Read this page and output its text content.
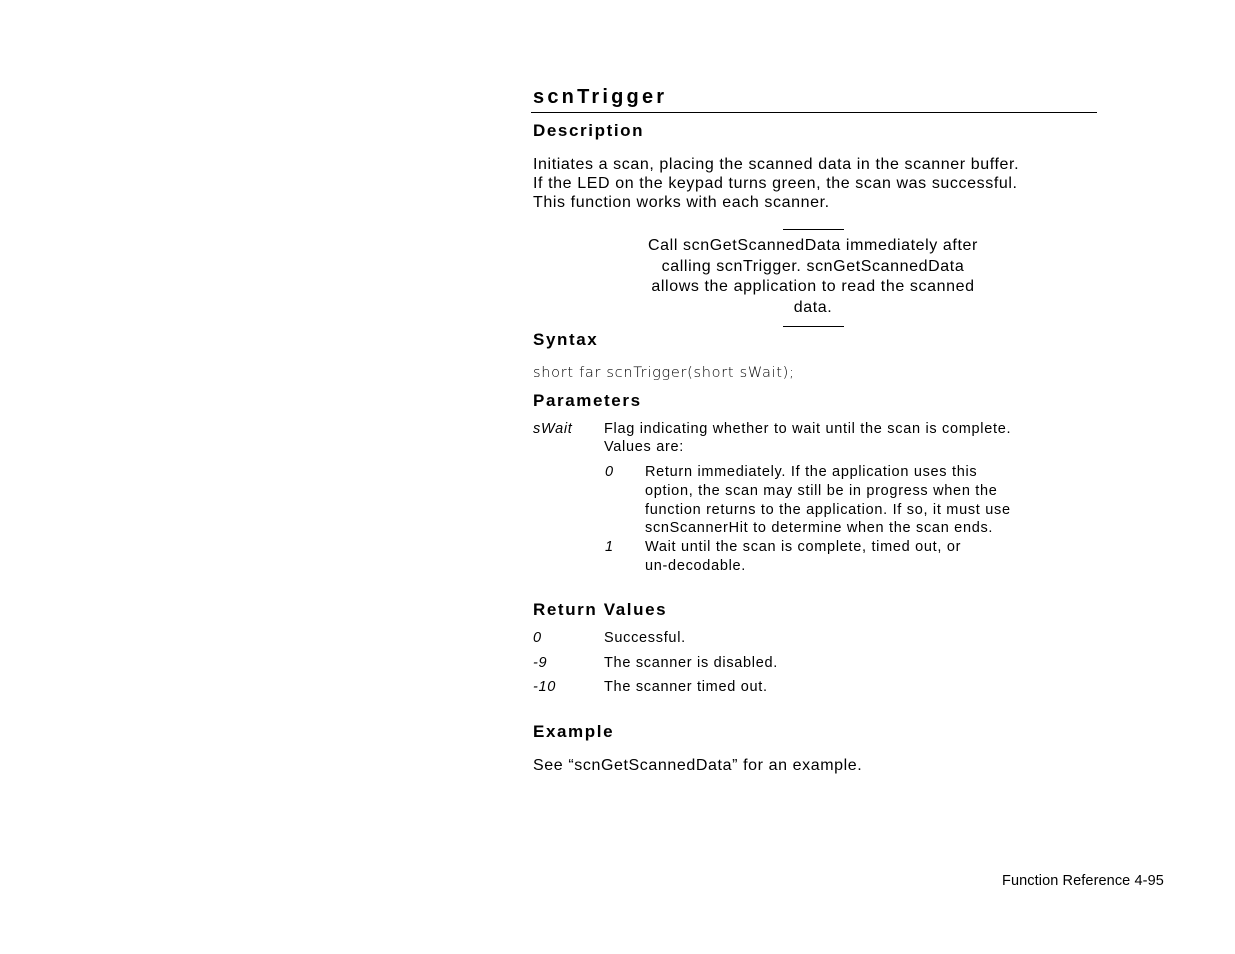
scnTrigger
Description
Initiates a scan, placing the scanned data in the scanner buffer.
If the LED on the keypad turns green, the scan was successful.
This function works with each scanner.
Call scnGetScannedData immediately after
calling scnTrigger. scnGetScannedData
allows the application to read the scanned
data.
Syntax
short far scnTrigger(short sWait);
Parameters
sWait Flag indicating whether to wait until the scan is complete.
Values are:
0 Return immediately. If the application uses this
option, the scan may still be in progress when the
function returns to the application. If so, it must use
scnScannerHit to determine when the scan ends.
1 Wait until the scan is complete, timed out, or
un-decodable.
Return Values
0	Successful.
-9	The scanner is disabled.
-10	The scanner timed out.
Example
See “scnGetScannedData” for an example.
Function Reference 4-95
